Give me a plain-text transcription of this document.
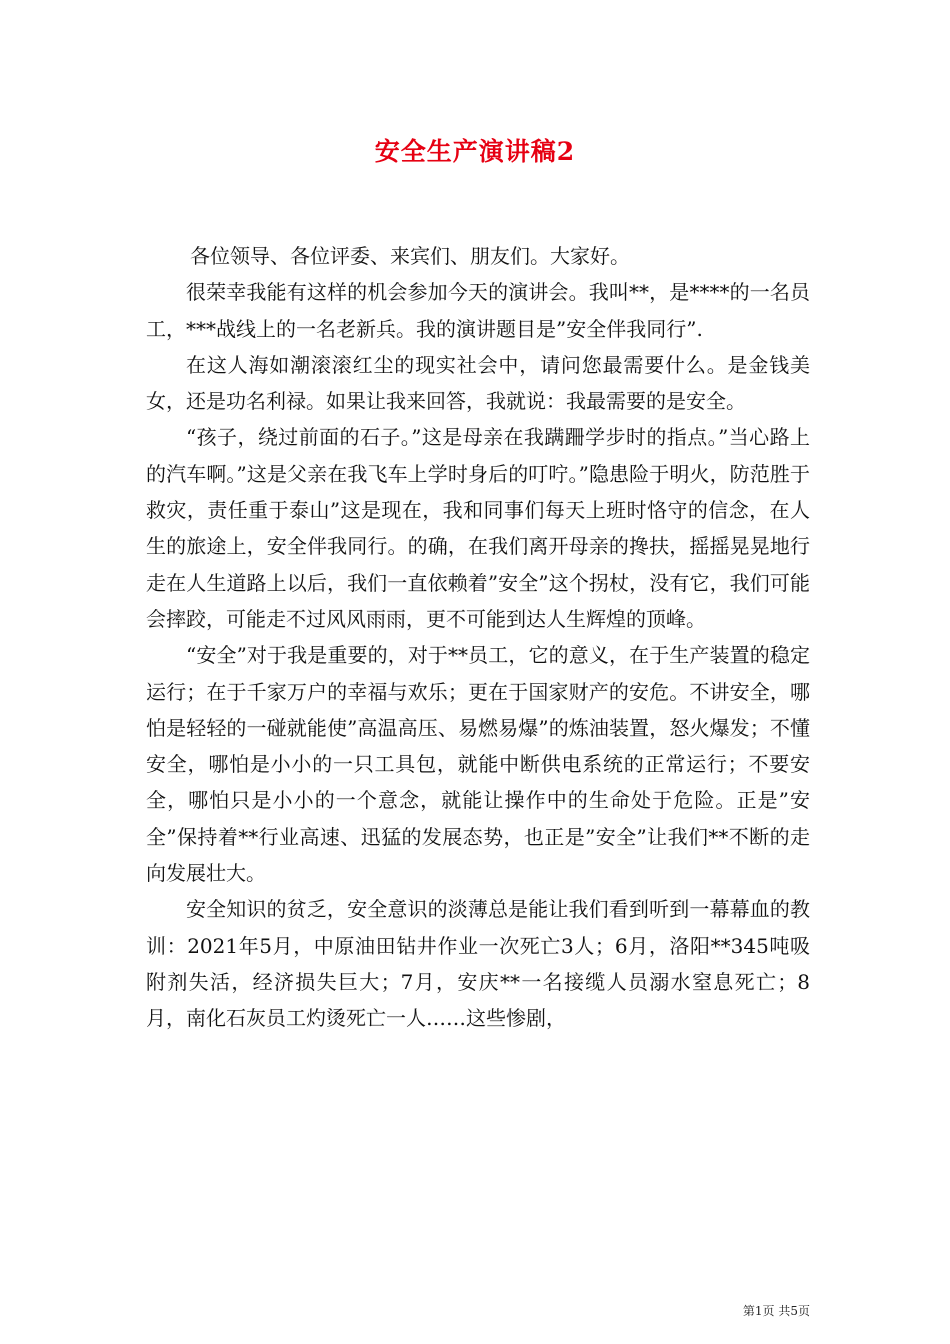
安全生产演讲稿2

各位领导、各位评委、来宾们、朋友们。大家好。

很荣幸我能有这样的机会参加今天的演讲会。我叫**，是****的一名员工，***战线上的一名老新兵。我的演讲题目是”安全伴我同行”.

在这人海如潮滚滚红尘的现实社会中，请问您最需要什么。是金钱美女，还是功名利禄。如果让我来回答，我就说：我最需要的是安全。

“孩子，绕过前面的石子。”这是母亲在我蹒跚学步时的指点。”当心路上的汽车啊。”这是父亲在我飞车上学时身后的叮咛。”隐患险于明火，防范胜于救灾，责任重于泰山”这是现在，我和同事们每天上班时恪守的信念，在人生的旅途上，安全伴我同行。的确，在我们离开母亲的搀扶，摇摇晃晃地行走在人生道路上以后，我们一直依赖着”安全”这个拐杖，没有它，我们可能会摔跤，可能走不过风风雨雨，更不可能到达人生辉煌的顶峰。

“安全”对于我是重要的，对于**员工，它的意义，在于生产装置的稳定运行；在于千家万户的幸福与欢乐；更在于国家财产的安危。不讲安全，哪怕是轻轻的一碰就能使”高温高压、易燃易爆”的炼油装置，怒火爆发；不懂安全，哪怕是小小的一只工具包，就能中断供电系统的正常运行；不要安全，哪怕只是小小的一个意念，就能让操作中的生命处于危险。正是”安全”保持着**行业高速、迅猛的发展态势，也正是”安全”让我们**不断的走向发展壮大。

安全知识的贫乏，安全意识的淡薄总是能让我们看到听到一幕幕血的教训：2021年5月，中原油田钻井作业一次死亡3人；6月，洛阳**345吨吸附剂失活，经济损失巨大；7月，安庆**一名接缆人员溺水窒息死亡；8月，南化石灰员工灼烫死亡一人……这些惨剧，

第1页 共5页
